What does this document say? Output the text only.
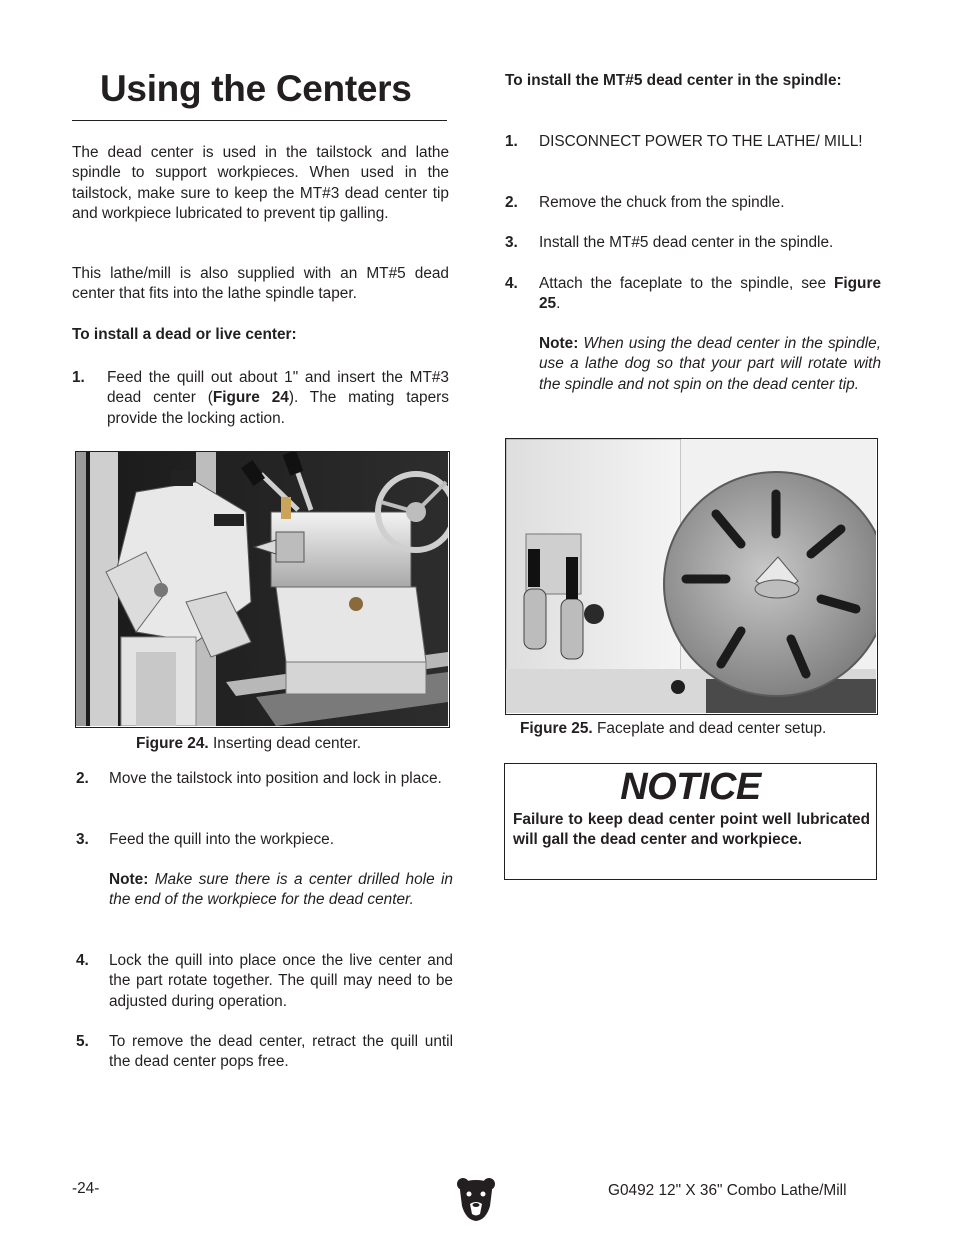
Using the Centers

The dead center is used in the tailstock and lathe spindle to support workpieces. When used in the tailstock, make sure to keep the MT#3 dead center tip and workpiece lubricated to prevent tip galling.

This lathe/mill is also supplied with an MT#5 dead center that fits into the lathe spindle taper.

To install a dead or live center:

1.	Feed the quill out about 1" and insert the MT#3 dead center (Figure 24). The mating tapers provide the locking action.

Figure 24. Inserting dead center.

2.	Move the tailstock into position and lock in place.
3.	Feed the quill into the workpiece.

Note: Make sure there is a center drilled hole in the end of the workpiece for the dead center.

4.	Lock the quill into place once the live center and the part rotate together. The quill may need to be adjusted during operation.
5.	To remove the dead center, retract the quill until the dead center pops free.

To install the MT#5 dead center in the spindle:

1.	DISCONNECT POWER TO THE LATHE/ MILL!
2.	Remove the chuck from the spindle.
3.	Install the MT#5 dead center in the spindle.
4.	Attach the faceplate to the spindle, see Figure 25.

Note: When using the dead center in the spindle, use a lathe dog so that your part will rotate with the spindle and not spin on the dead center tip.

Figure 25. Faceplate and dead center setup.

NOTICE
Failure to keep dead center point well lubricated will gall the dead center and workpiece.
-24-	G0492 12" X 36" Combo Lathe/Mill
